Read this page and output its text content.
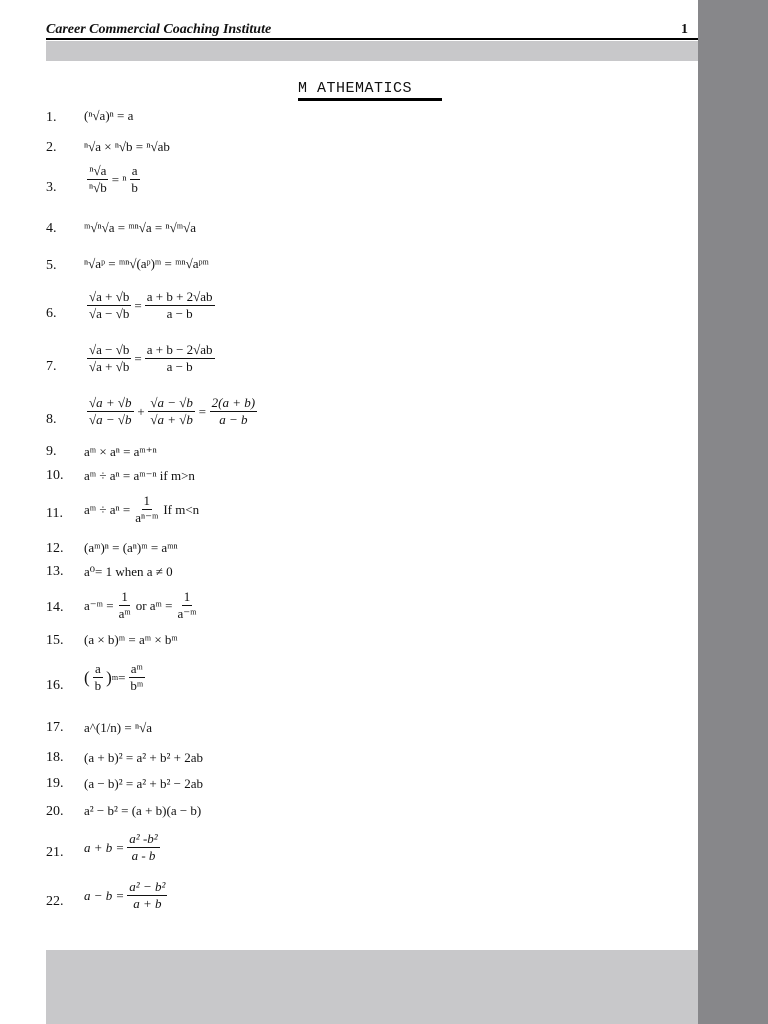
Career Commercial Coaching Institute	1
M ATHEMATICS
1. (ⁿ√a)ⁿ = a
2. ⁿ√a × ⁿ√b = ⁿ√ab
3. $\frac{\text{ⁿ√a}}{\text{ⁿ√b}} = ^n \frac{a}{b}$
4. ᵐ√ⁿ√a = ᵐⁿ√a = ⁿ√ᵐ√a
5. ⁿ√aᵖ = ᵐⁿ√(aᵖ)ᵐ = ᵐⁿ√aᵖᵐ
6. $\frac{√a + √b}{√a - √b} = \frac{a + b + 2√ab}{a - b}$
7. $\frac{√a - √b}{√a + √b} = \frac{a + b - 2√ab}{a - b}$
8. $\frac{√a + √b}{√a - √b} + \frac{√a - √b}{√a + √b} = \frac{2(a + b)}{a - b}$
9. aᵐ × aⁿ = aᵐ⁺ⁿ
10. aᵐ ÷ aⁿ = aᵐ⁻ⁿ if m>n
11. aᵐ ÷ $a^n = \frac{1}{\text{aⁿ⁻ᵐ}}$ If m<n
12. (aᵐ)ⁿ = (aⁿ)ᵐ = aᵐⁿ
13. a⁰= 1 when a ≠ 0
14. a⁻ᵐ = $\frac{1}{\text{aᵐ}}$ or aᵐ = $\frac{1}{\text{a⁻ᵐ}}$
15. (a × b)ᵐ = aᵐ × bᵐ
16. ( $\frac{a}{b}$ ) $m = \frac{\text{aᵐ}}{\text{bᵐ}}$
17. a^(1/n) = ⁿ√a
18. (a + b)² = a² + b² + 2ab
19. (a − b)² = a² + b² − 2ab
20. a² − b² = (a + b)(a − b)
21. $a + b = \frac{\text{a² -b²}}{a - b}$
22. $a - b = \frac{\text{a² − b²}}{a + b}$
